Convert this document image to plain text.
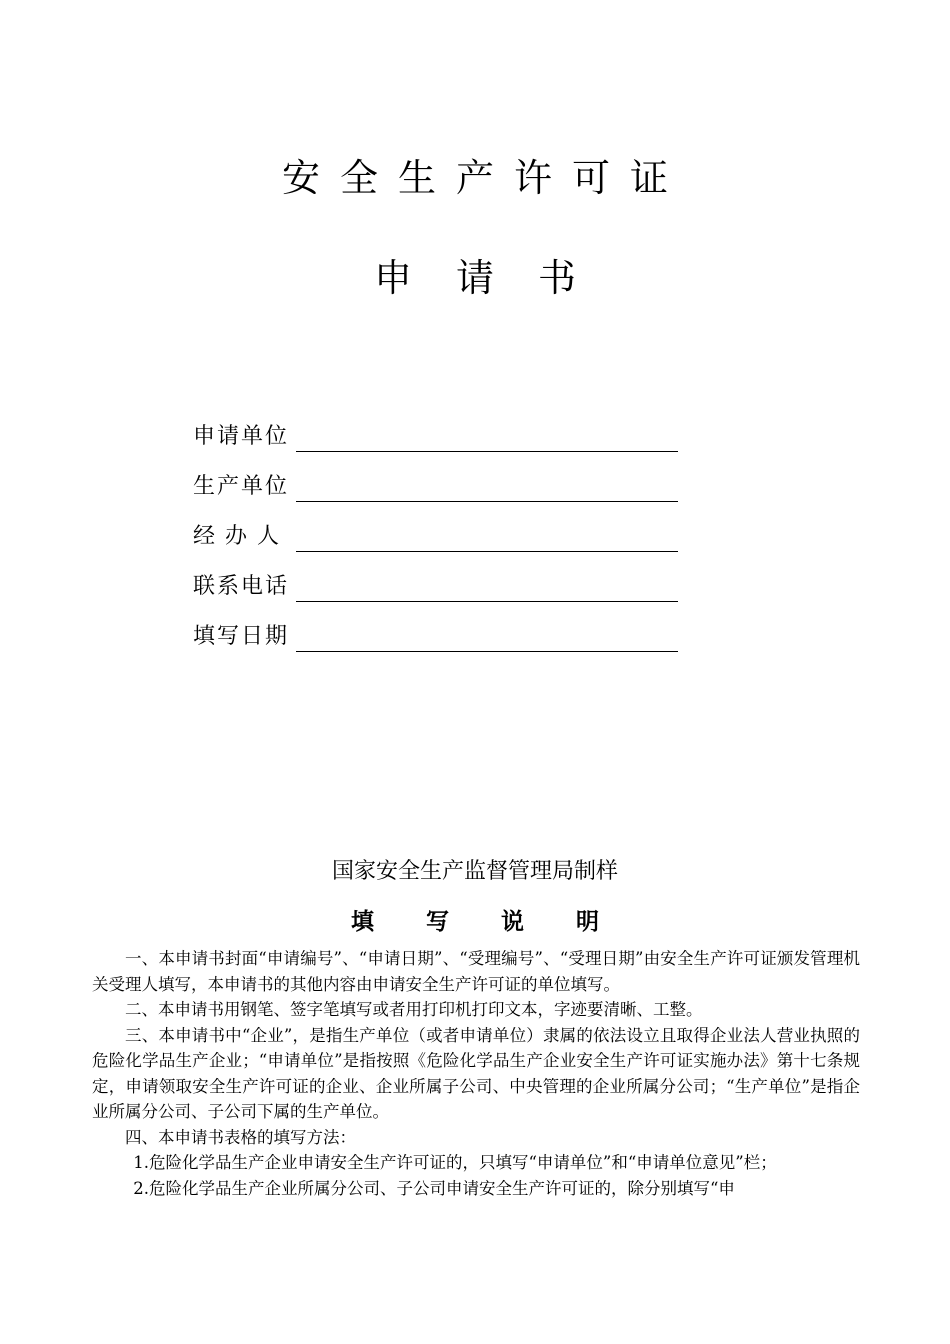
安全生产许可证
申请书
申请单位
生产单位
经办人
联系电话
填写日期
国家安全生产监督管理局制样
填写说明

一、本申请书封面“申请编号”、“申请日期”、“受理编号”、“受理日期”由安全生产许可证颁发管理机关受理人填写，本申请书的其他内容由申请安全生产许可证的单位填写。

二、本申请书用钢笔、签字笔填写或者用打印机打印文本，字迹要清晰、工整。

三、本申请书中“企业”，是指生产单位（或者申请单位）隶属的依法设立且取得企业法人营业执照的危险化学品生产企业；“申请单位”是指按照《危险化学品生产企业安全生产许可证实施办法》第十七条规定，申请领取安全生产许可证的企业、企业所属子公司、中央管理的企业所属分公司；“生产单位”是指企业所属分公司、子公司下属的生产单位。

四、本申请书表格的填写方法：

1.危险化学品生产企业申请安全生产许可证的，只填写“申请单位”和“申请单位意见”栏；

2.危险化学品生产企业所属分公司、子公司申请安全生产许可证的，除分别填写“申
